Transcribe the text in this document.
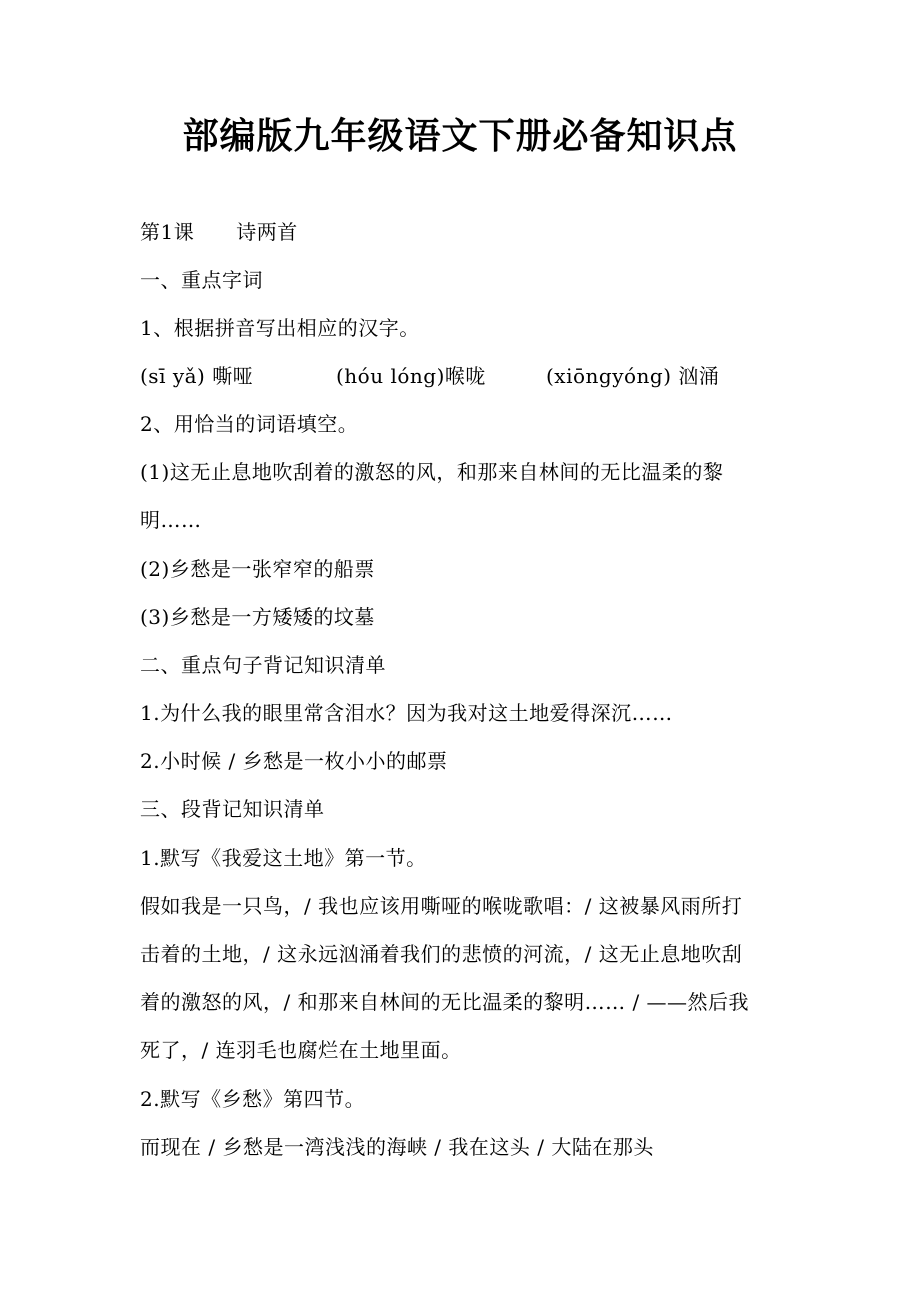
部编版九年级语文下册必备知识点
第1课 诗两首
一、重点字词
1、根据拼音写出相应的汉字。
(sī yǎ) 嘶哑	(hóu lóng)喉咙	(xiōngyóng) 汹涌
2、用恰当的词语填空。
(1)这无止息地吹刮着的激怒的风，和那来自林间的无比温柔的黎
明……
(2)乡愁是一张窄窄的船票
(3)乡愁是一方矮矮的坟墓
二、重点句子背记知识清单
1.为什么我的眼里常含泪水？因为我对这土地爱得深沉……
2.小时候 / 乡愁是一枚小小的邮票
三、段背记知识清单
1.默写《我爱这土地》第一节。
假如我是一只鸟，/ 我也应该用嘶哑的喉咙歌唱：/ 这被暴风雨所打
击着的土地，/ 这永远汹涌着我们的悲愤的河流，/ 这无止息地吹刮
着的激怒的风，/ 和那来自林间的无比温柔的黎明…… / ——然后我
死了，/ 连羽毛也腐烂在土地里面。
2.默写《乡愁》第四节。
而现在 / 乡愁是一湾浅浅的海峡 / 我在这头 / 大陆在那头
